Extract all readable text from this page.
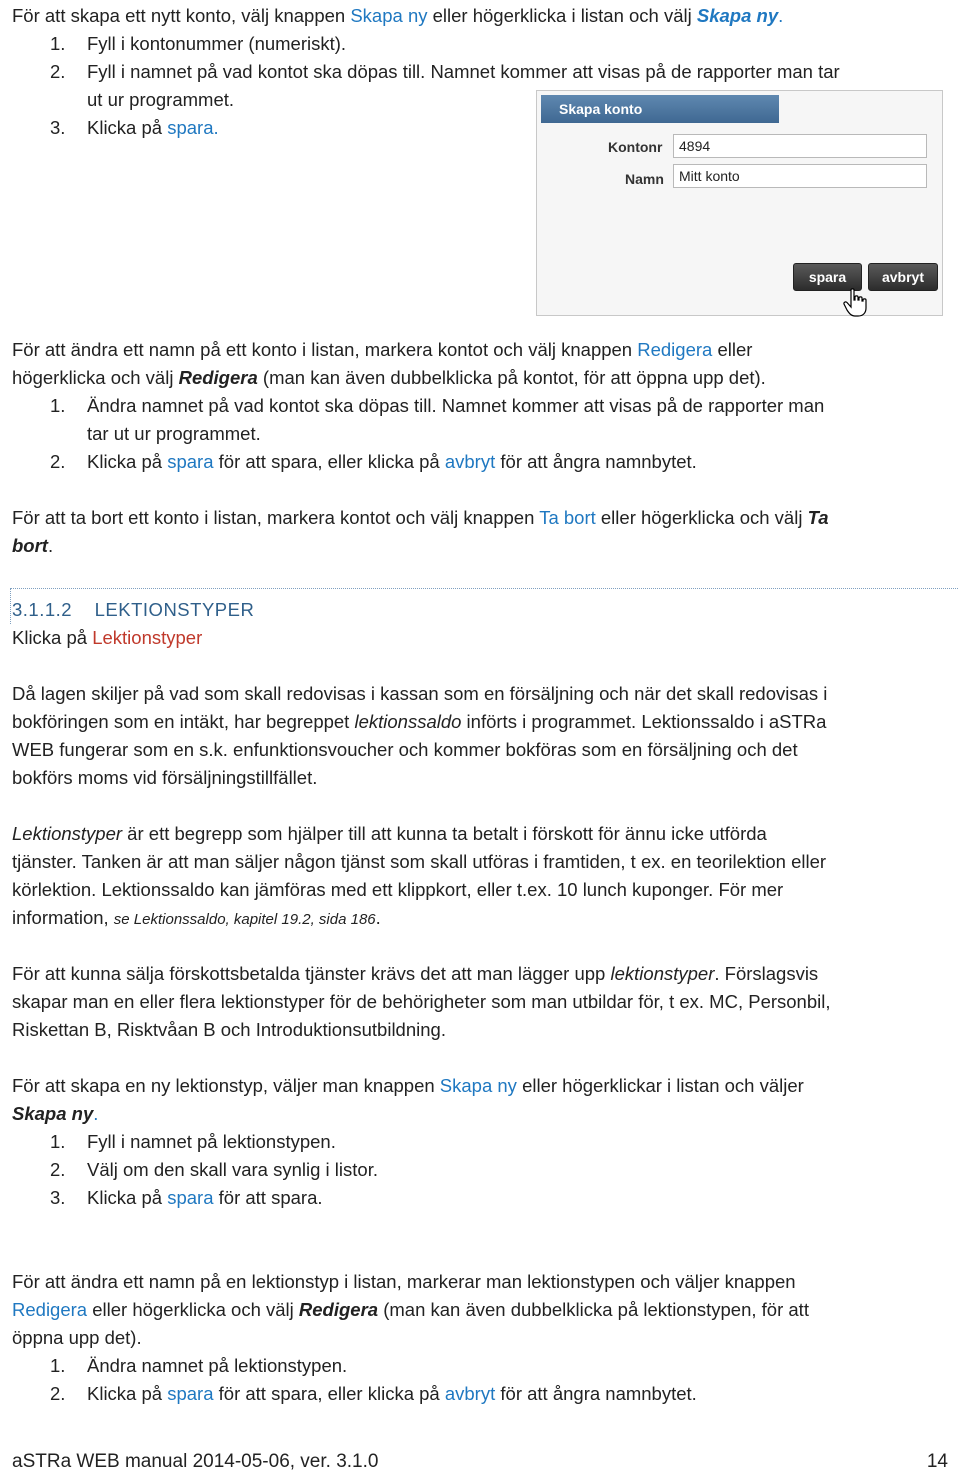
För att skapa ett nytt konto, välj knappen Skapa ny eller högerklicka i listan och välj Skapa ny.
1. Fyll i kontonummer (numeriskt).
2. Fyll i namnet på vad kontot ska döpas till. Namnet kommer att visas på de rapporter man tar
ut ur programmet.
3. Klicka på spara.
Skapa konto
Kontonr	4894
Namn	Mitt konto
spara	avbryt
För att ändra ett namn på ett konto i listan, markera kontot och välj knappen Redigera eller
högerklicka och välj Redigera (man kan även dubbelklicka på kontot, för att öppna upp det).
1. Ändra namnet på vad kontot ska döpas till. Namnet kommer att visas på de rapporter man
tar ut ur programmet.
2. Klicka på spara för att spara, eller klicka på avbryt för att ångra namnbytet.
För att ta bort ett konto i listan, markera kontot och välj knappen Ta bort eller högerklicka och välj Ta
bort.
3.1.1.2 LEKTIONSTYPER
Klicka på Lektionstyper
Då lagen skiljer på vad som skall redovisas i kassan som en försäljning och när det skall redovisas i
bokföringen som en intäkt, har begreppet lektionssaldo införts i programmet. Lektionssaldo i aSTRa
WEB fungerar som en s.k. enfunktionsvoucher och kommer bokföras som en försäljning och det
bokförs moms vid försäljningstillfället.
Lektionstyper är ett begrepp som hjälper till att kunna ta betalt i förskott för ännu icke utförda
tjänster. Tanken är att man säljer någon tjänst som skall utföras i framtiden, t ex. en teorilektion eller
körlektion. Lektionssaldo kan jämföras med ett klippkort, eller t.ex. 10 lunch kuponger. För mer
information, se Lektionssaldo, kapitel 19.2, sida 186.
För att kunna sälja förskottsbetalda tjänster krävs det att man lägger upp lektionstyper. Förslagsvis
skapar man en eller flera lektionstyper för de behörigheter som man utbildar för, t ex. MC, Personbil,
Riskettan B, Risktvåan B och Introduktionsutbildning.
För att skapa en ny lektionstyp, väljer man knappen Skapa ny eller högerklickar i listan och väljer
Skapa ny.
1. Fyll i namnet på lektionstypen.
2. Välj om den skall vara synlig i listor.
3. Klicka på spara för att spara.
För att ändra ett namn på en lektionstyp i listan, markerar man lektionstypen och väljer knappen
Redigera eller högerklicka och välj Redigera (man kan även dubbelklicka på lektionstypen, för att
öppna upp det).
1. Ändra namnet på lektionstypen.
2. Klicka på spara för att spara, eller klicka på avbryt för att ångra namnbytet.
aSTRa WEB manual 2014-05-06, ver. 3.1.0	14
